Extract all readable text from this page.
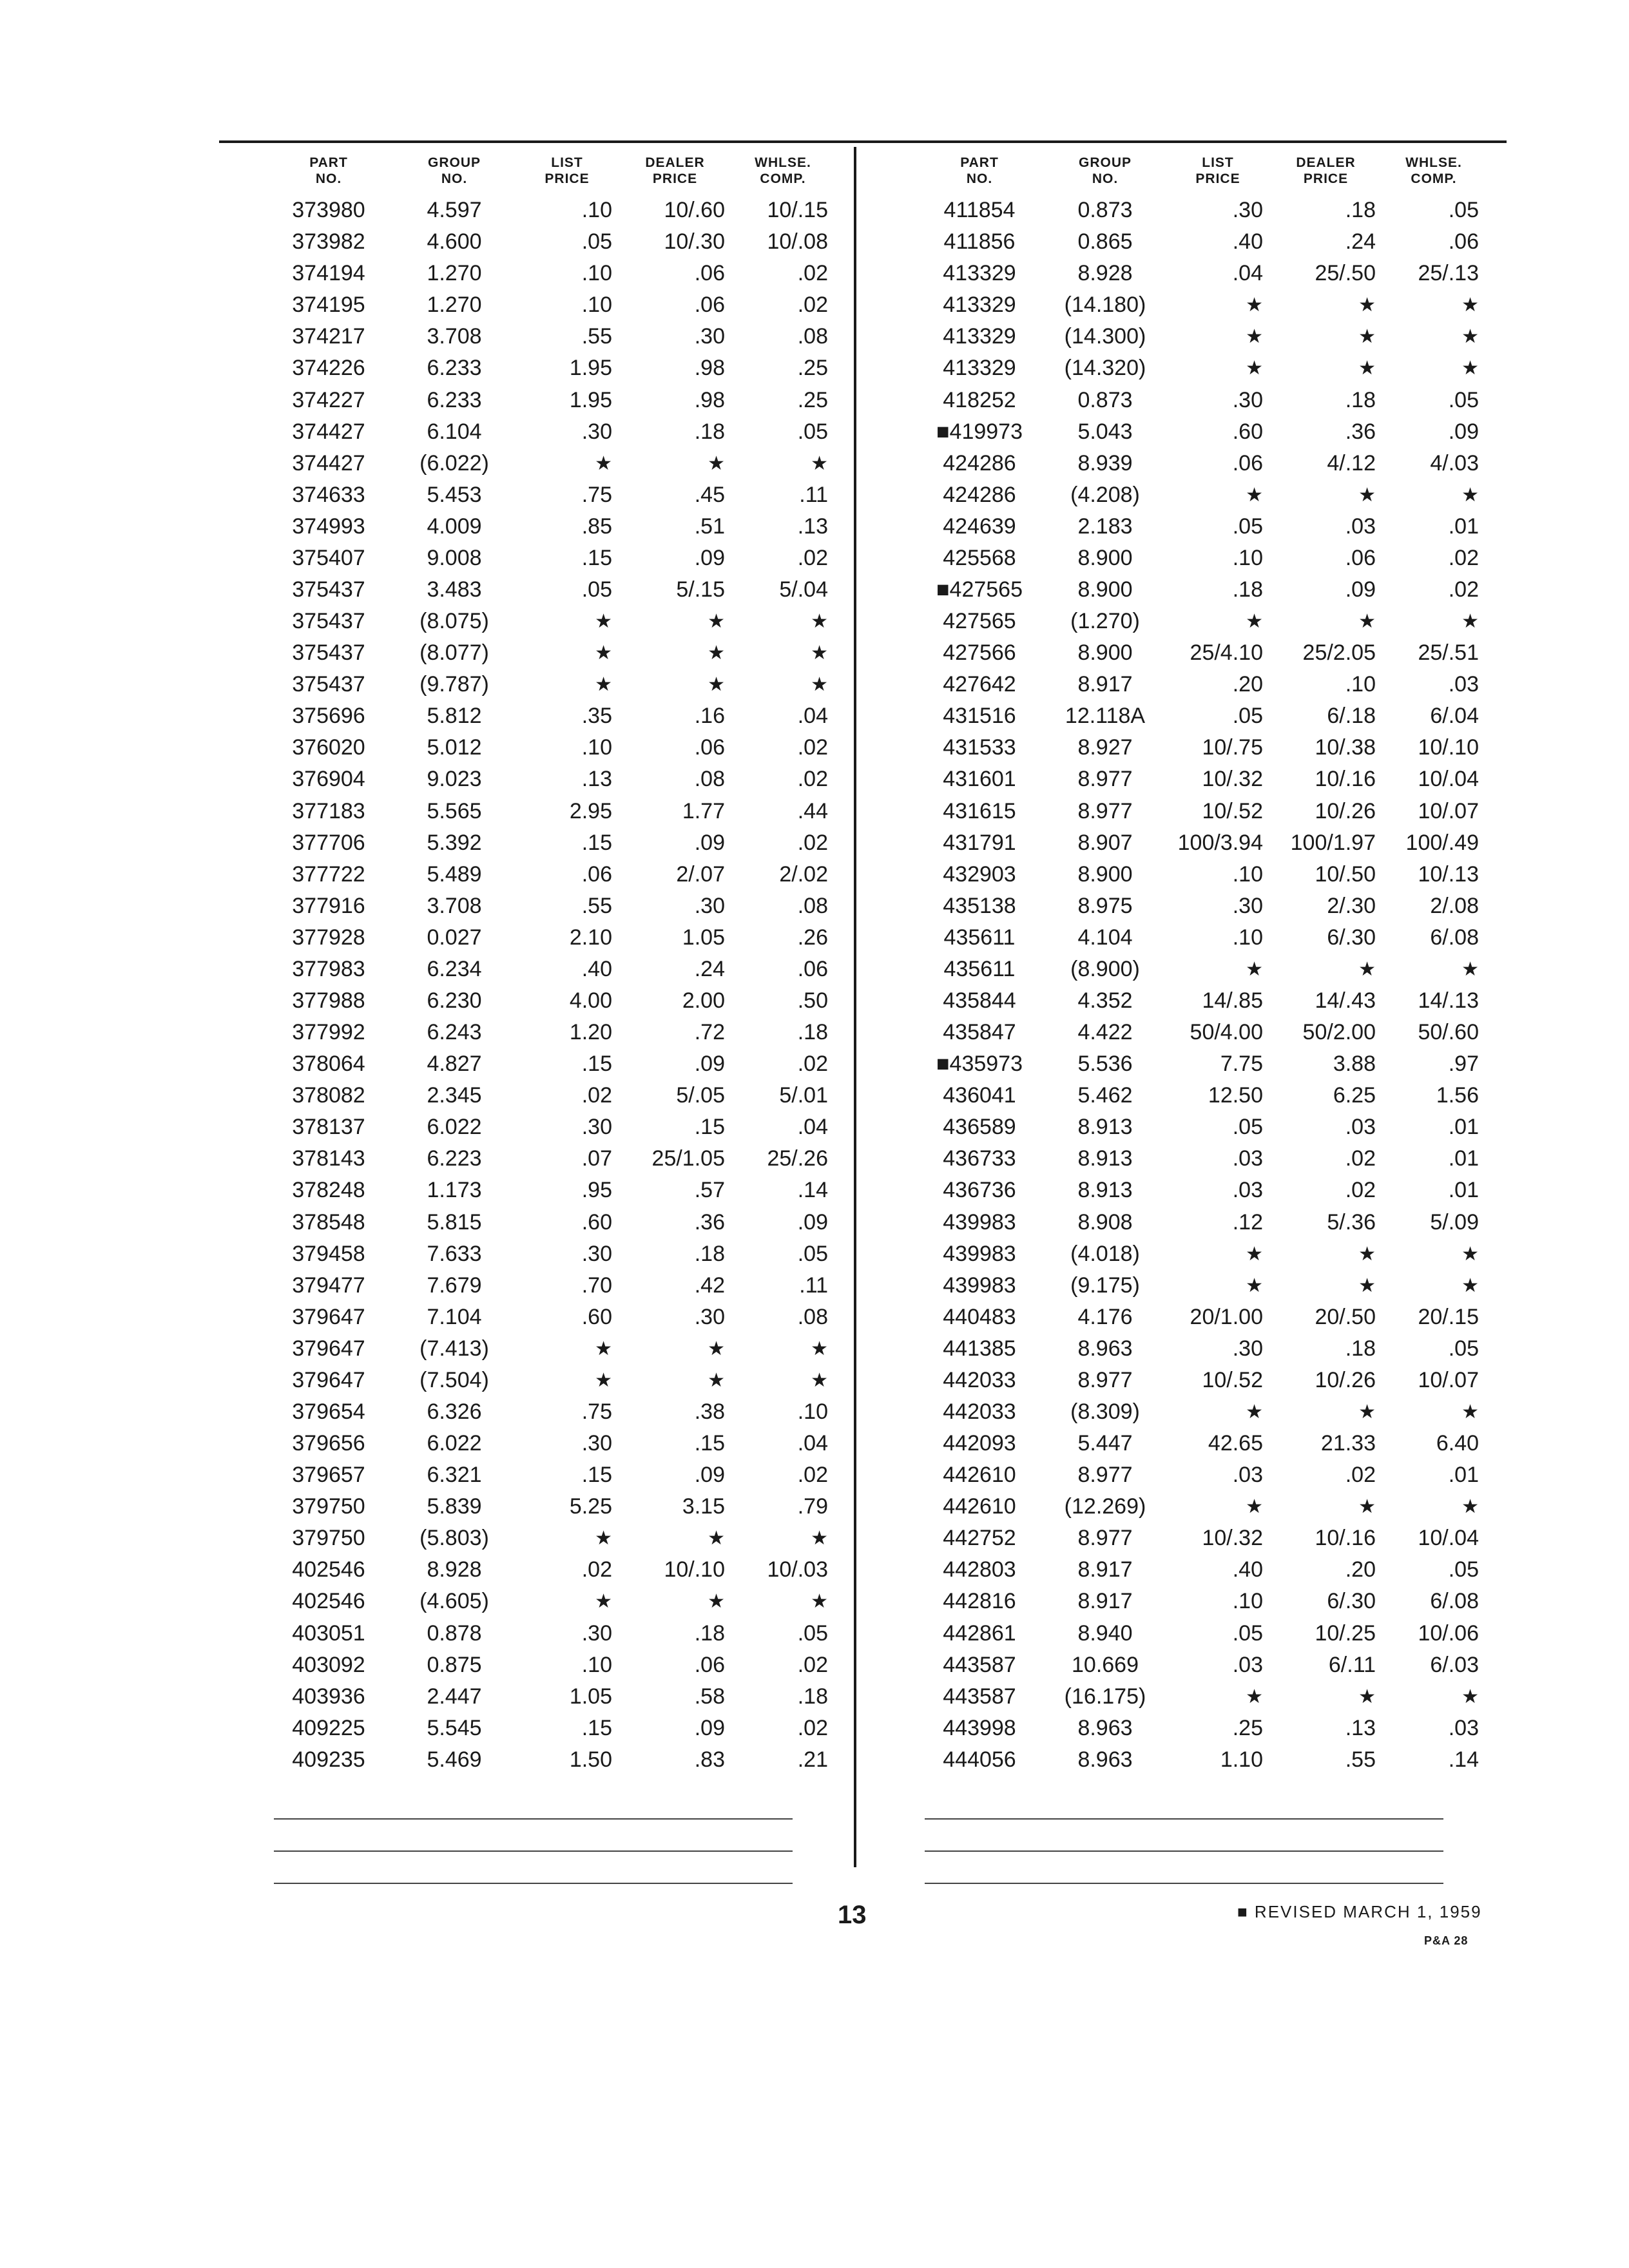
PART
NO.
GROUP
NO.
LIST
PRICE
DEALER
PRICE
WHLSE.
COMP.
373980	4.597	.10	10/.60	10/.15
373982	4.600	.05	10/.30	10/.08
374194	1.270	.10	.06	.02
374195	1.270	.10	.06	.02
374217	3.708	.55	.30	.08
374226	6.233	1.95	.98	.25
374227	6.233	1.95	.98	.25
374427	6.104	.30	.18	.05
374427	(6.022)	★	★	★
374633	5.453	.75	.45	.11
374993	4.009	.85	.51	.13
375407	9.008	.15	.09	.02
375437	3.483	.05	5/.15	5/.04
375437	(8.075)	★	★	★
375437	(8.077)	★	★	★
375437	(9.787)	★	★	★
375696	5.812	.35	.16	.04
376020	5.012	.10	.06	.02
376904	9.023	.13	.08	.02
377183	5.565	2.95	1.77	.44
377706	5.392	.15	.09	.02
377722	5.489	.06	2/.07	2/.02
377916	3.708	.55	.30	.08
377928	0.027	2.10	1.05	.26
377983	6.234	.40	.24	.06
377988	6.230	4.00	2.00	.50
377992	6.243	1.20	.72	.18
378064	4.827	.15	.09	.02
378082	2.345	.02	5/.05	5/.01
378137	6.022	.30	.15	.04
378143	6.223	.07	25/1.05	25/.26
378248	1.173	.95	.57	.14
378548	5.815	.60	.36	.09
379458	7.633	.30	.18	.05
379477	7.679	.70	.42	.11
379647	7.104	.60	.30	.08
379647	(7.413)	★	★	★
379647	(7.504)	★	★	★
379654	6.326	.75	.38	.10
379656	6.022	.30	.15	.04
379657	6.321	.15	.09	.02
379750	5.839	5.25	3.15	.79
379750	(5.803)	★	★	★
402546	8.928	.02	10/.10	10/.03
402546	(4.605)	★	★	★
403051	0.878	.30	.18	.05
403092	0.875	.10	.06	.02
403936	2.447	1.05	.58	.18
409225	5.545	.15	.09	.02
409235	5.469	1.50	.83	.21
PART
NO.
GROUP
NO.
LIST
PRICE
DEALER
PRICE
WHLSE.
COMP.
411854	0.873	.30	.18	.05
411856	0.865	.40	.24	.06
413329	8.928	.04	25/.50	25/.13
413329	(14.180)	★	★	★
413329	(14.300)	★	★	★
413329	(14.320)	★	★	★
418252	0.873	.30	.18	.05
■419973	5.043	.60	.36	.09
424286	8.939	.06	4/.12	4/.03
424286	(4.208)	★	★	★
424639	2.183	.05	.03	.01
425568	8.900	.10	.06	.02
■427565	8.900	.18	.09	.02
427565	(1.270)	★	★	★
427566	8.900	25/4.10	25/2.05	25/.51
427642	8.917	.20	.10	.03
431516	12.118A	.05	6/.18	6/.04
431533	8.927	10/.75	10/.38	10/.10
431601	8.977	10/.32	10/.16	10/.04
431615	8.977	10/.52	10/.26	10/.07
431791	8.907	100/3.94	100/1.97	100/.49
432903	8.900	.10	10/.50	10/.13
435138	8.975	.30	2/.30	2/.08
435611	4.104	.10	6/.30	6/.08
435611	(8.900)	★	★	★
435844	4.352	14/.85	14/.43	14/.13
435847	4.422	50/4.00	50/2.00	50/.60
■435973	5.536	7.75	3.88	.97
436041	5.462	12.50	6.25	1.56
436589	8.913	.05	.03	.01
436733	8.913	.03	.02	.01
436736	8.913	.03	.02	.01
439983	8.908	.12	5/.36	5/.09
439983	(4.018)	★	★	★
439983	(9.175)	★	★	★
440483	4.176	20/1.00	20/.50	20/.15
441385	8.963	.30	.18	.05
442033	8.977	10/.52	10/.26	10/.07
442033	(8.309)	★	★	★
442093	5.447	42.65	21.33	6.40
442610	8.977	.03	.02	.01
442610	(12.269)	★	★	★
442752	8.977	10/.32	10/.16	10/.04
442803	8.917	.40	.20	.05
442816	8.917	.10	6/.30	6/.08
442861	8.940	.05	10/.25	10/.06
443587	10.669	.03	6/.11	6/.03
443587	(16.175)	★	★	★
443998	8.963	.25	.13	.03
444056	8.963	1.10	.55	.14
13	■ REVISED MARCH 1, 1959
P&A 28
